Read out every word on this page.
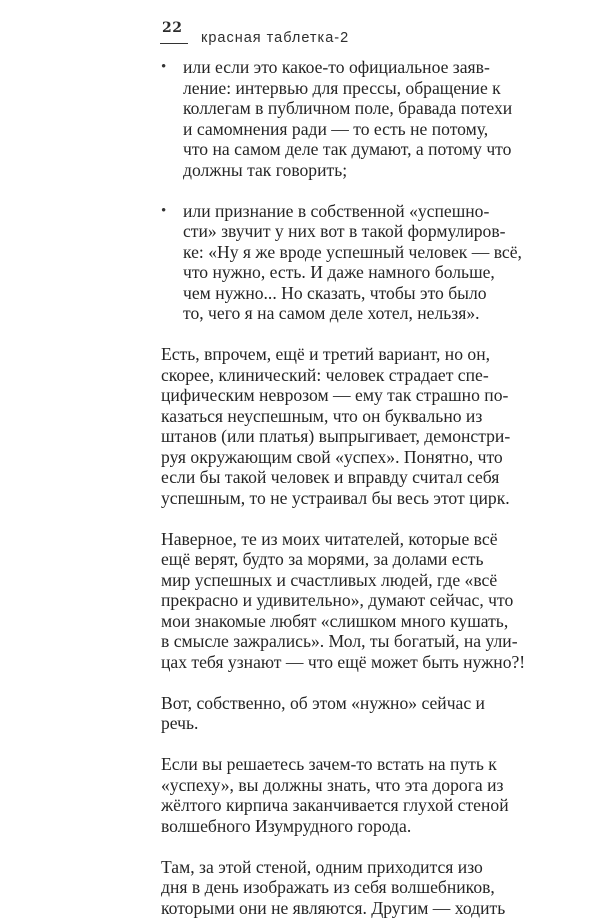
22
красная таблетка-2
• или если это какое-то официальное заяв-
ление: интервью для прессы, обращение к
коллегам в публичном поле, бравада потехи
и самомнения ради — то есть не потому,
что на самом деле так думают, а потому что
должны так говорить;
• или признание в собственной «успешно-
сти» звучит у них вот в такой формулиров-
ке: «Ну я же вроде успешный человек — всё,
что нужно, есть. И даже намного больше,
чем нужно... Но сказать, чтобы это было
то, чего я на самом деле хотел, нельзя».
Есть, впрочем, ещё и третий вариант, но он,
скорее, клинический: человек страдает спе-
цифическим неврозом — ему так страшно по-
казаться неуспешным, что он буквально из
штанов (или платья) выпрыгивает, демонстри-
руя окружающим свой «успех». Понятно, что
если бы такой человек и вправду считал себя
успешным, то не устраивал бы весь этот цирк.
Наверное, те из моих читателей, которые всё
ещё верят, будто за морями, за долами есть
мир успешных и счастливых людей, где «всё
прекрасно и удивительно», думают сейчас, что
мои знакомые любят «слишком много кушать,
в смысле зажрались». Мол, ты богатый, на ули-
цах тебя узнают — что ещё может быть нужно?!
Вот, собственно, об этом «нужно» сейчас и
речь.
Если вы решаетесь зачем-то встать на путь к
«успеху», вы должны знать, что эта дорога из
жёлтого кирпича заканчивается глухой стеной
волшебного Изумрудного города.
Там, за этой стеной, одним приходится изо
дня в день изображать из себя волшебников,
которыми они не являются. Другим — ходить
